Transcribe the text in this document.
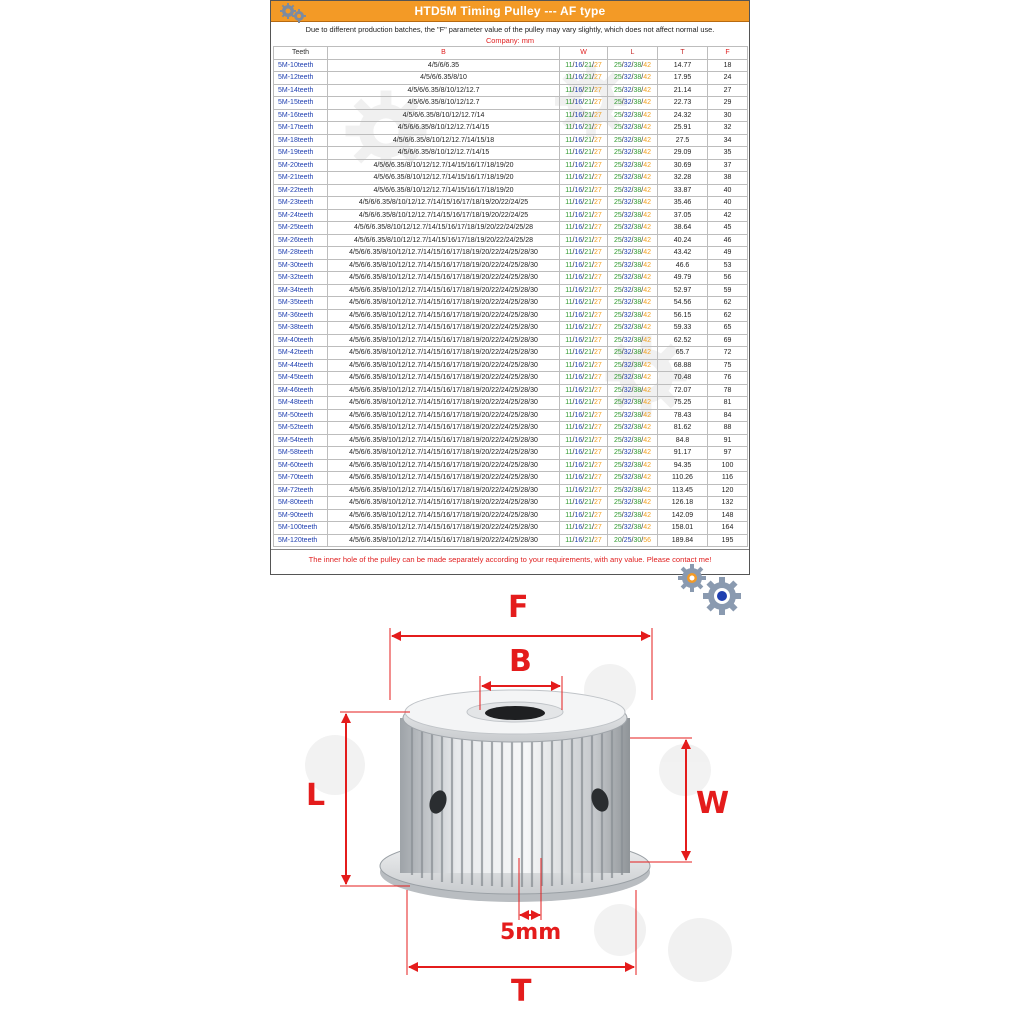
HTD5M Timing Pulley --- AF type
Due to different production batches, the "F" parameter value of the pulley may vary slightly, which does not affect normal use.
Company: mm
Teeth	B	W	L	T	F
5M-10teeth	4/5/6/6.35	11/16/21/27	25/32/38/42	14.77	18
5M-12teeth	4/5/6/6.35/8/10	11/16/21/27	25/32/38/42	17.95	24
5M-14teeth	4/5/6/6.35/8/10/12/12.7	11/16/21/27	25/32/38/42	21.14	27
5M-15teeth	4/5/6/6.35/8/10/12/12.7	11/16/21/27	25/32/38/42	22.73	29
5M-16teeth	4/5/6/6.35/8/10/12/12.7/14	11/16/21/27	25/32/38/42	24.32	30
5M-17teeth	4/5/6/6.35/8/10/12/12.7/14/15	11/16/21/27	25/32/38/42	25.91	32
5M-18teeth	4/5/6/6.35/8/10/12/12.7/14/15/18	11/16/21/27	25/32/38/42	27.5	34
5M-19teeth	4/5/6/6.35/8/10/12/12.7/14/15	11/16/21/27	25/32/38/42	29.09	35
5M-20teeth	4/5/6/6.35/8/10/12/12.7/14/15/16/17/18/19/20	11/16/21/27	25/32/38/42	30.69	37
5M-21teeth	4/5/6/6.35/8/10/12/12.7/14/15/16/17/18/19/20	11/16/21/27	25/32/38/42	32.28	38
5M-22teeth	4/5/6/6.35/8/10/12/12.7/14/15/16/17/18/19/20	11/16/21/27	25/32/38/42	33.87	40
5M-23teeth	4/5/6/6.35/8/10/12/12.7/14/15/16/17/18/19/20/22/24/25	11/16/21/27	25/32/38/42	35.46	40
5M-24teeth	4/5/6/6.35/8/10/12/12.7/14/15/16/17/18/19/20/22/24/25	11/16/21/27	25/32/38/42	37.05	42
5M-25teeth	4/5/6/6.35/8/10/12/12.7/14/15/16/17/18/19/20/22/24/25/28	11/16/21/27	25/32/38/42	38.64	45
5M-26teeth	4/5/6/6.35/8/10/12/12.7/14/15/16/17/18/19/20/22/24/25/28	11/16/21/27	25/32/38/42	40.24	46
5M-28teeth	4/5/6/6.35/8/10/12/12.7/14/15/16/17/18/19/20/22/24/25/28/30	11/16/21/27	25/32/38/42	43.42	49
5M-30teeth	4/5/6/6.35/8/10/12/12.7/14/15/16/17/18/19/20/22/24/25/28/30	11/16/21/27	25/32/38/42	46.6	53
5M-32teeth	4/5/6/6.35/8/10/12/12.7/14/15/16/17/18/19/20/22/24/25/28/30	11/16/21/27	25/32/38/42	49.79	56
5M-34teeth	4/5/6/6.35/8/10/12/12.7/14/15/16/17/18/19/20/22/24/25/28/30	11/16/21/27	25/32/38/42	52.97	59
5M-35teeth	4/5/6/6.35/8/10/12/12.7/14/15/16/17/18/19/20/22/24/25/28/30	11/16/21/27	25/32/38/42	54.56	62
5M-36teeth	4/5/6/6.35/8/10/12/12.7/14/15/16/17/18/19/20/22/24/25/28/30	11/16/21/27	25/32/38/42	56.15	62
5M-38teeth	4/5/6/6.35/8/10/12/12.7/14/15/16/17/18/19/20/22/24/25/28/30	11/16/21/27	25/32/38/42	59.33	65
5M-40teeth	4/5/6/6.35/8/10/12/12.7/14/15/16/17/18/19/20/22/24/25/28/30	11/16/21/27	25/32/38/42	62.52	69
5M-42teeth	4/5/6/6.35/8/10/12/12.7/14/15/16/17/18/19/20/22/24/25/28/30	11/16/21/27	25/32/38/42	65.7	72
5M-44teeth	4/5/6/6.35/8/10/12/12.7/14/15/16/17/18/19/20/22/24/25/28/30	11/16/21/27	25/32/38/42	68.88	75
5M-45teeth	4/5/6/6.35/8/10/12/12.7/14/15/16/17/18/19/20/22/24/25/28/30	11/16/21/27	25/32/38/42	70.48	76
5M-46teeth	4/5/6/6.35/8/10/12/12.7/14/15/16/17/18/19/20/22/24/25/28/30	11/16/21/27	25/32/38/42	72.07	78
5M-48teeth	4/5/6/6.35/8/10/12/12.7/14/15/16/17/18/19/20/22/24/25/28/30	11/16/21/27	25/32/38/42	75.25	81
5M-50teeth	4/5/6/6.35/8/10/12/12.7/14/15/16/17/18/19/20/22/24/25/28/30	11/16/21/27	25/32/38/42	78.43	84
5M-52teeth	4/5/6/6.35/8/10/12/12.7/14/15/16/17/18/19/20/22/24/25/28/30	11/16/21/27	25/32/38/42	81.62	88
5M-54teeth	4/5/6/6.35/8/10/12/12.7/14/15/16/17/18/19/20/22/24/25/28/30	11/16/21/27	25/32/38/42	84.8	91
5M-58teeth	4/5/6/6.35/8/10/12/12.7/14/15/16/17/18/19/20/22/24/25/28/30	11/16/21/27	25/32/38/42	91.17	97
5M-60teeth	4/5/6/6.35/8/10/12/12.7/14/15/16/17/18/19/20/22/24/25/28/30	11/16/21/27	25/32/38/42	94.35	100
5M-70teeth	4/5/6/6.35/8/10/12/12.7/14/15/16/17/18/19/20/22/24/25/28/30	11/16/21/27	25/32/38/42	110.26	116
5M-72teeth	4/5/6/6.35/8/10/12/12.7/14/15/16/17/18/19/20/22/24/25/28/30	11/16/21/27	25/32/38/42	113.45	120
5M-80teeth	4/5/6/6.35/8/10/12/12.7/14/15/16/17/18/19/20/22/24/25/28/30	11/16/21/27	25/32/38/42	126.18	132
5M-90teeth	4/5/6/6.35/8/10/12/12.7/14/15/16/17/18/19/20/22/24/25/28/30	11/16/21/27	25/32/38/42	142.09	148
5M-100teeth	4/5/6/6.35/8/10/12/12.7/14/15/16/17/18/19/20/22/24/25/28/30	11/16/21/27	25/32/38/42	158.01	164
5M-120teeth	4/5/6/6.35/8/10/12/12.7/14/15/16/17/18/19/20/22/24/25/28/30	11/16/21/27	20/25/30/56	189.84	195
The inner hole of the pulley can be made separately according to your requirements, with any value. Please contact me!
F
B
L	W
5mm
T
